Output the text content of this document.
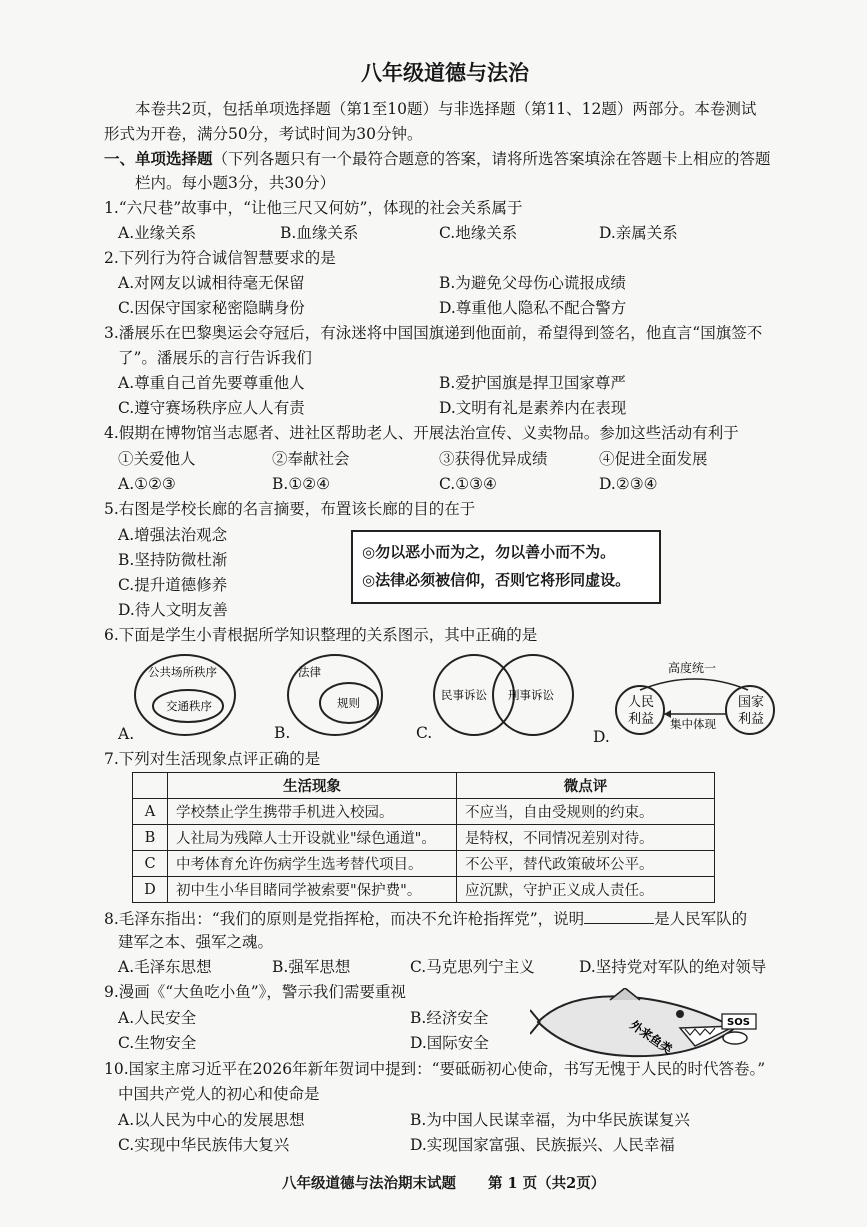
八年级道德与法治
本卷共2页，包括单项选择题（第1至10题）与非选择题（第11、12题）两部分。本卷测试
形式为开卷，满分50分，考试时间为30分钟。
一、单项选择题（下列各题只有一个最符合题意的答案，请将所选答案填涂在答题卡上相应的答题
栏内。每小题3分，共30分）
1.“六尺巷”故事中，“让他三尺又何妨”，体现的社会关系属于
A.业缘关系	B.血缘关系	C.地缘关系	D.亲属关系
2.下列行为符合诚信智慧要求的是
A.对网友以诚相待毫无保留	B.为避免父母伤心谎报成绩
C.因保守国家秘密隐瞒身份	D.尊重他人隐私不配合警方
3.潘展乐在巴黎奥运会夺冠后，有泳迷将中国国旗递到他面前，希望得到签名，他直言“国旗签不
了”。潘展乐的言行告诉我们
A.尊重自己首先要尊重他人	B.爱护国旗是捍卫国家尊严
C.遵守赛场秩序应人人有责	D.文明有礼是素养内在表现
4.假期在博物馆当志愿者、进社区帮助老人、开展法治宣传、义卖物品。参加这些活动有利于
①关爱他人	②奉献社会	③获得优异成绩	④促进全面发展
A.①②③	B.①②④	C.①③④	D.②③④
5.右图是学校长廊的名言摘要，布置该长廊的目的在于
A.增强法治观念
B.坚持防微杜渐
C.提升道德修养
D.待人文明友善
◎勿以恶小而为之，勿以善小而不为。
◎法律必须被信仰，否则它将形同虚设。
6.下面是学生小青根据所学知识整理的关系图示，其中正确的是
公共场所秩序
交通秩序
法律
规则
民事诉讼 刑事诉讼
高度统一
人民
利益
国家
利益
集中体现
A.	B.	C.	D.
7.下列对生活现象点评正确的是
	生活现象	微点评
A	学校禁止学生携带手机进入校园。	不应当，自由受规则的约束。
B	人社局为残障人士开设就业"绿色通道"。	是特权，不同情况差别对待。
C	中考体育允许伤病学生选考替代项目。	不公平，替代政策破坏公平。
D	初中生小华目睹同学被索要"保护费"。	应沉默，守护正义成人责任。
8.毛泽东指出：“我们的原则是党指挥枪，而决不允许枪指挥党”，说明	是人民军队的
建军之本、强军之魂。
A.毛泽东思想	B.强军思想	C.马克思列宁主义	D.坚持党对军队的绝对领导
9.漫画《“大鱼吃小鱼”》，警示我们需要重视
A.人民安全	B.经济安全
C.生物安全	D.国际安全	外来鱼类	SOS
10.国家主席习近平在2026年新年贺词中提到：“要砥砺初心使命，书写无愧于人民的时代答卷。”
中国共产党人的初心和使命是
A.以人民为中心的发展思想	B.为中国人民谋幸福，为中华民族谋复兴
C.实现中华民族伟大复兴	D.实现国家富强、民族振兴、人民幸福
八年级道德与法治期末试题 第 1 页（共2页）
